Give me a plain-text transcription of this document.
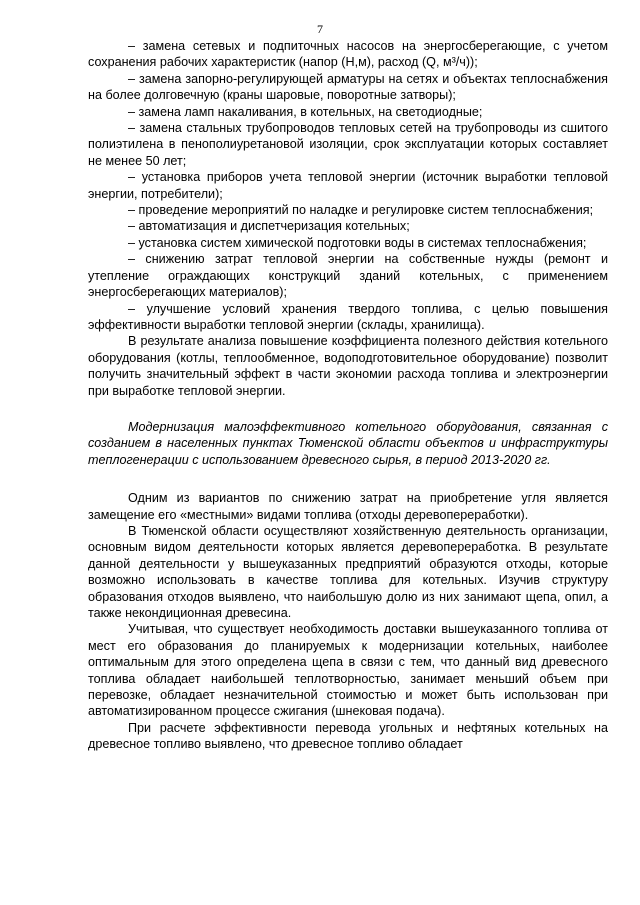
7

– замена сетевых и подпиточных насосов на энергосберегающие, с учетом сохранения рабочих характеристик (напор (Н,м), расход (Q, м³/ч));

– замена запорно-регулирующей арматуры на сетях и объектах теплоснабжения на более долговечную (краны шаровые, поворотные затворы);

– замена ламп накаливания, в котельных, на светодиодные;

– замена стальных трубопроводов тепловых сетей на трубопроводы из сшитого полиэтилена в пенополиуретановой изоляции, срок эксплуатации которых составляет не менее 50 лет;

– установка приборов учета тепловой энергии (источник выработки тепловой энергии, потребители);

– проведение мероприятий по наладке и регулировке систем теплоснабжения;

– автоматизация и диспетчеризация котельных;

– установка систем химической подготовки воды в системах теплоснабжения;

– снижению затрат тепловой энергии на собственные нужды (ремонт и утепление ограждающих конструкций зданий котельных, с применением энергосберегающих материалов);

– улучшение условий хранения твердого топлива, с целью повышения эффективности выработки тепловой энергии (склады, хранилища).

В результате анализа повышение коэффициента полезного действия котельного оборудования (котлы, теплообменное, водоподготовительное оборудование) позволит получить значительный эффект в части экономии расхода топлива и электроэнергии при выработке тепловой энергии.

Модернизация малоэффективного котельного оборудования, связанная с созданием в населенных пунктах Тюменской области объектов и инфраструктуры теплогенерации с использованием древесного сырья, в период 2013-2020 гг.

Одним из вариантов по снижению затрат на приобретение угля является замещение его «местными» видами топлива (отходы деревопереработки).

В Тюменской области осуществляют хозяйственную деятельность организации, основным видом деятельности которых является деревопереработка. В результате данной деятельности у вышеуказанных предприятий образуются отходы, которые возможно использовать в качестве топлива для котельных. Изучив структуру образования отходов выявлено, что наибольшую долю из них занимают щепа, опил, а также некондиционная древесина.

Учитывая, что существует необходимость доставки вышеуказанного топлива от мест его образования до планируемых к модернизации котельных, наиболее оптимальным для этого определена щепа в связи с тем, что данный вид древесного топлива обладает наибольшей теплотворностью, занимает меньший объем при перевозке, обладает незначительной стоимостью и может быть использован при автоматизированном процессе сжигания (шнековая подача).

При расчете эффективности перевода угольных и нефтяных котельных на древесное топливо выявлено, что древесное топливо обладает
